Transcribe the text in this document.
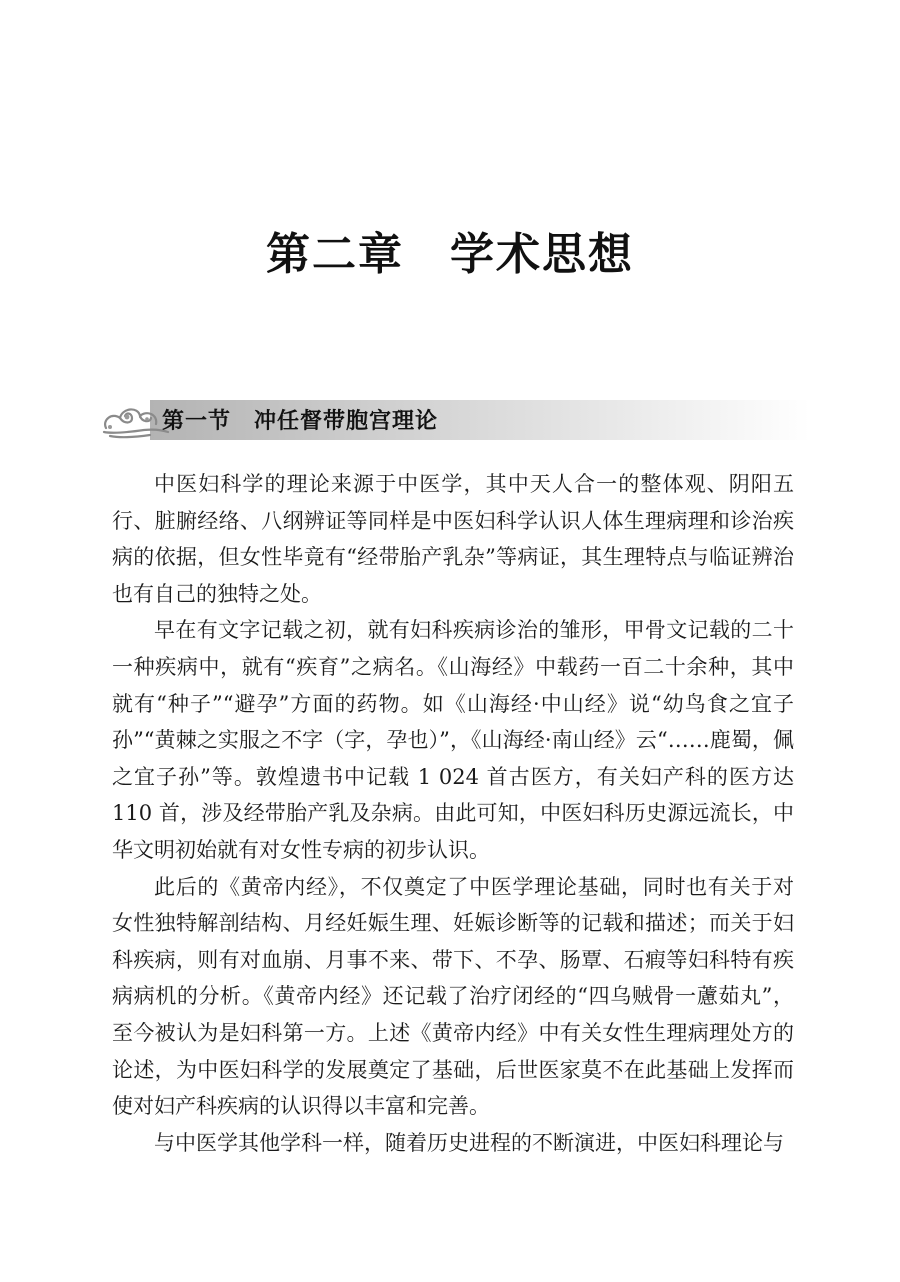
第二章　学术思想
第一节　冲任督带胞宫理论

中医妇科学的理论来源于中医学，其中天人合一的整体观、阴阳五行、脏腑经络、八纲辨证等同样是中医妇科学认识人体生理病理和诊治疾病的依据，但女性毕竟有“经带胎产乳杂”等病证，其生理特点与临证辨治也有自己的独特之处。

早在有文字记载之初，就有妇科疾病诊治的雏形，甲骨文记载的二十一种疾病中，就有“疾育”之病名。《山海经》中载药一百二十余种，其中就有“种子”“避孕”方面的药物。如《山海经·中山经》说“幼鸟食之宜子孙”“黄棘之实服之不字（字，孕也）”，《山海经·南山经》云“……鹿蜀，佩之宜子孙”等。敦煌遗书中记载 1 024 首古医方，有关妇产科的医方达 110 首，涉及经带胎产乳及杂病。由此可知，中医妇科历史源远流长，中华文明初始就有对女性专病的初步认识。

此后的《黄帝内经》，不仅奠定了中医学理论基础，同时也有关于对女性独特解剖结构、月经妊娠生理、妊娠诊断等的记载和描述；而关于妇科疾病，则有对血崩、月事不来、带下、不孕、肠覃、石瘕等妇科特有疾病病机的分析。《黄帝内经》还记载了治疗闭经的“四乌贼骨一藘茹丸”，至今被认为是妇科第一方。上述《黄帝内经》中有关女性生理病理处方的论述，为中医妇科学的发展奠定了基础，后世医家莫不在此基础上发挥而使对妇产科疾病的认识得以丰富和完善。

与中医学其他学科一样，随着历史进程的不断演进，中医妇科理论与
